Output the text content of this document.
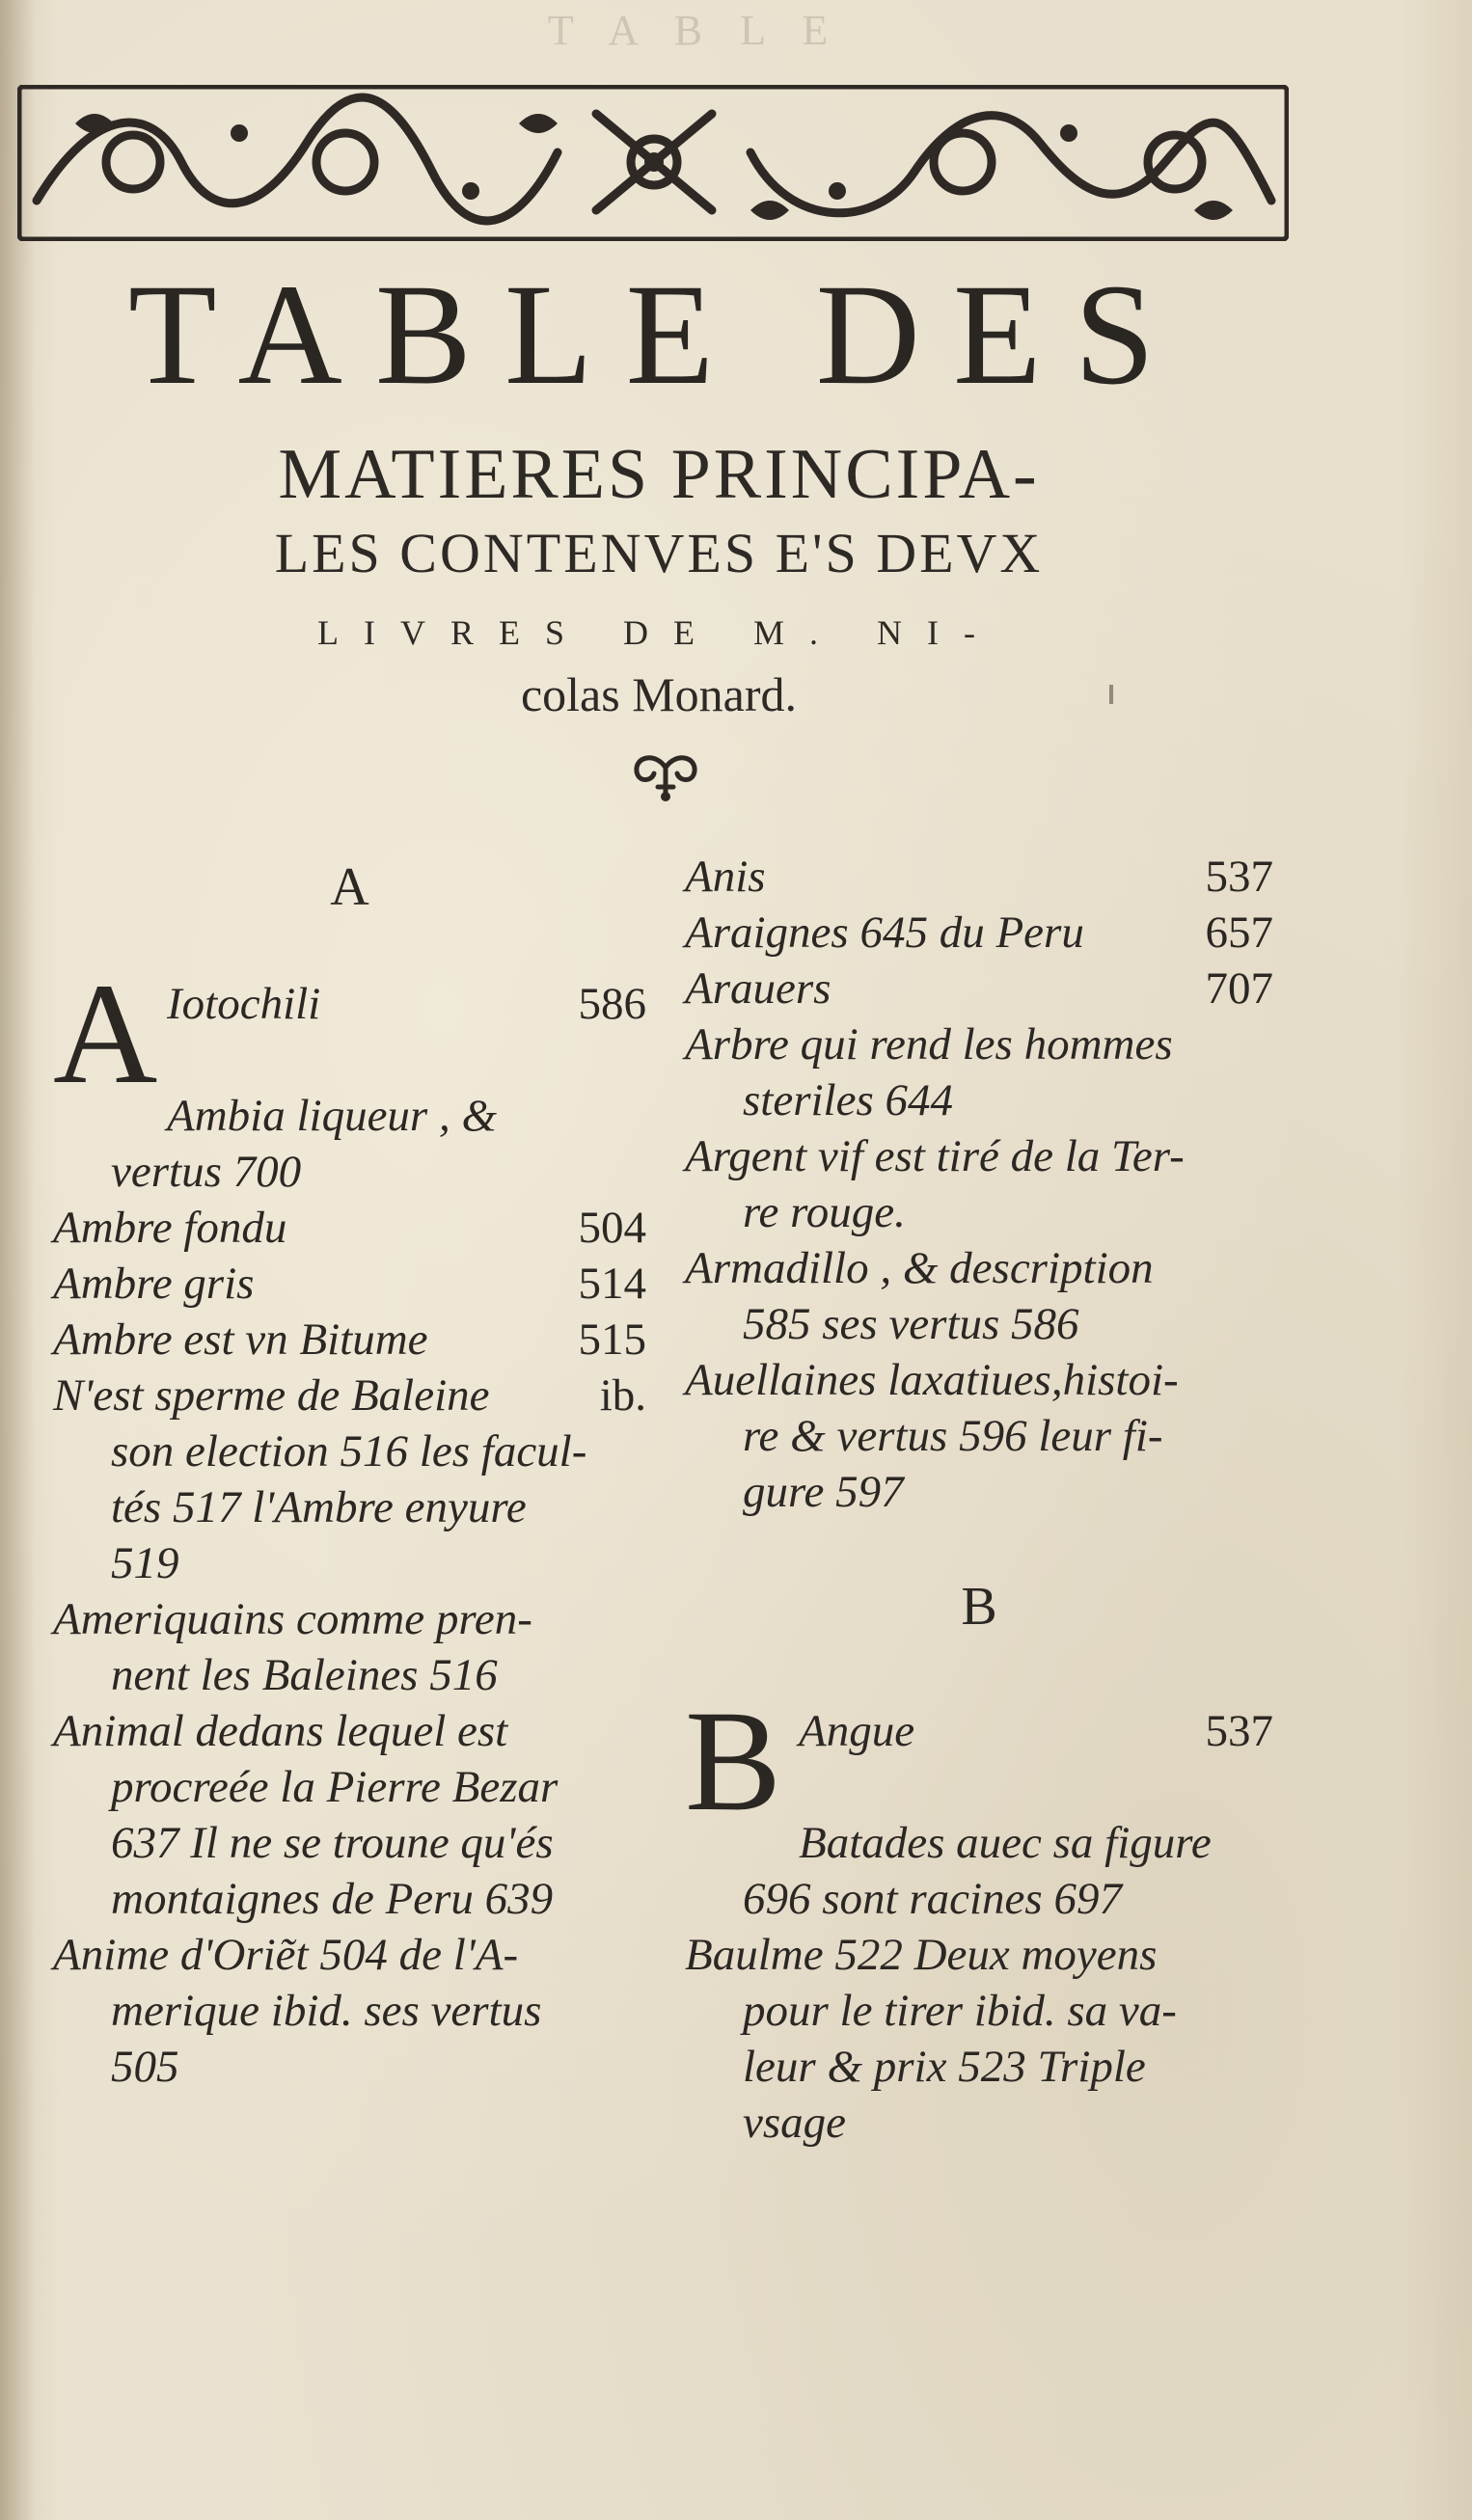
T A B L E
TABLE DES
MATIERES PRINCIPA-
LES CONTENVES E'S DEVX
LIVRES DE M. NI-
colas Monard.
A
A Iotochili	586
Ambia liqueur , &
vertus 700
Ambre fondu	504
Ambre gris	514
Ambre est vn Bitume	515
N'est sperme de Baleine	ib.
son election 516 les facul-
tés 517 l'Ambre enyure
519
Ameriquains comme pren-
nent les Baleines 516
Animal dedans lequel est
procreée la Pierre Bezar
637 Il ne se troune qu'és
montaignes de Peru 639
Anime d'Oriẽt 504 de l'A-
merique ibid. ses vertus
505
Anis	537
Araignes 645 du Peru	657
Arauers	707
Arbre qui rend les hommes
steriles 644
Argent vif est tiré de la Ter-
re rouge.
Armadillo , & description
585 ses vertus 586
Auellaines laxatiues,histoi-
re & vertus 596 leur fi-
gure 597
B
B Angue	537
Batades auec sa figure
696 sont racines 697
Baulme 522 Deux moyens
pour le tirer ibid. sa va-
leur & prix 523 Triple
vsage
